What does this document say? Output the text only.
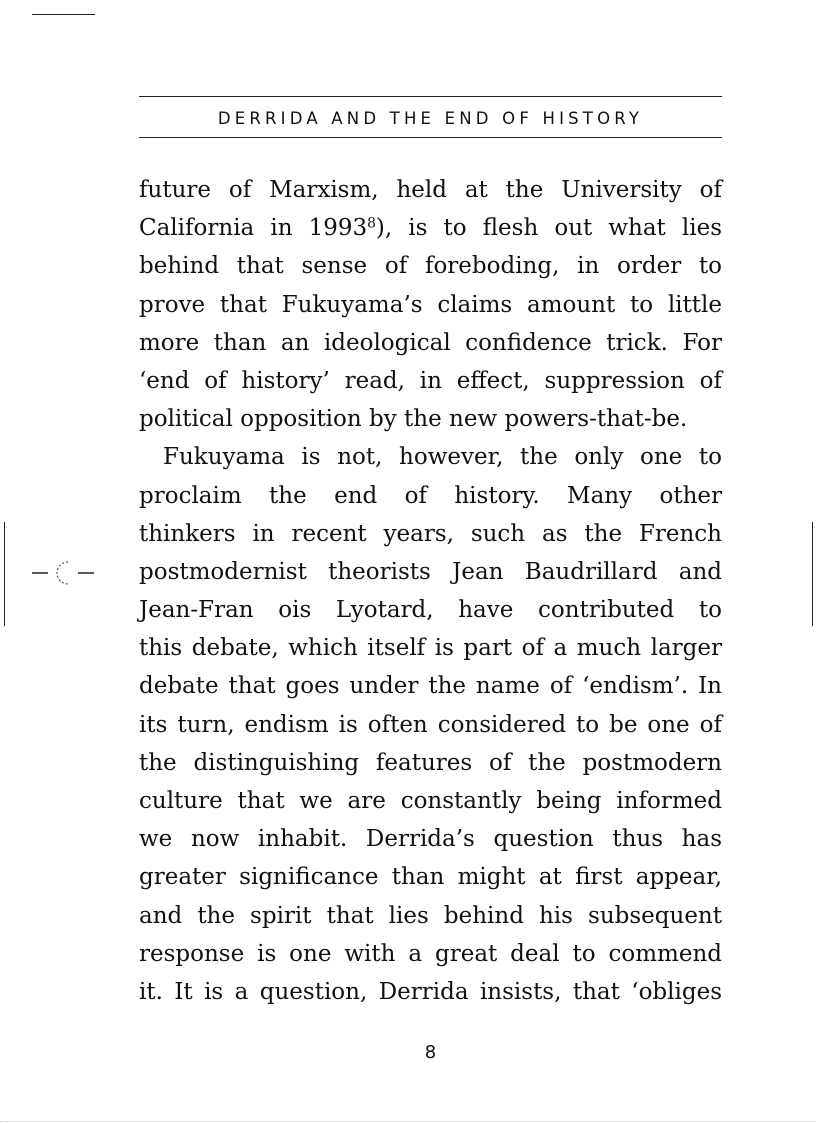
DERRIDA AND THE END OF HISTORY
future of Marxism, held at the University of
California in 1993$^8$), is to flesh out what lies
behind that sense of foreboding, in order to
prove that Fukuyama’s claims amount to little
more than an ideological confidence trick. For
‘end of history’ read, in effect, suppression of
political opposition by the new powers-that-be.
Fukuyama is not, however, the only one to
proclaim the end of history. Many other
thinkers in recent years, such as the French
postmodernist theorists Jean Baudrillard and
Jean-Fran ois Lyotard, have contributed to
this debate, which itself is part of a much larger
debate that goes under the name of ‘endism’. In
its turn, endism is often considered to be one of
the distinguishing features of the postmodern
culture that we are constantly being informed
we now inhabit. Derrida’s question thus has
greater significance than might at first appear,
and the spirit that lies behind his subsequent
response is one with a great deal to commend
it. It is a question, Derrida insists, that ‘obliges
8
